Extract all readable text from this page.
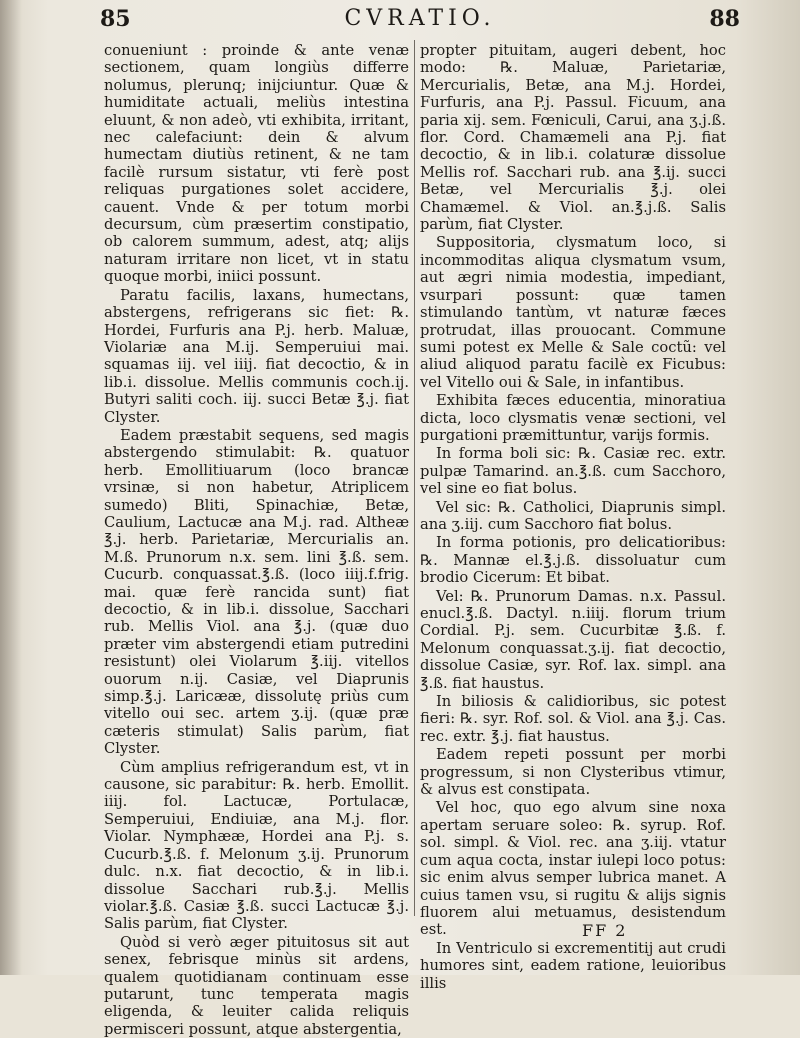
85	CVRATIO.	88

conueniunt : proinde & ante venæ sectionem, quam longiùs differre nolumus, plerunq; inijciuntur. Quæ & humiditate actuali, meliùs intestina eluunt, & non adeò, vti exhibita, irritant, nec calefaciunt: dein & alvum humectam diutiùs retinent, & ne tam facilè rursum sistatur, vti ferè post reliquas purgationes solet accidere, cauent. Vnde & per totum morbi decursum, cùm præsertim constipatio, ob calorem summum, adest, atq; alijs naturam irritare non licet, vt in statu quoque morbi, iniici possunt.

Paratu facilis, laxans, humectans, abstergens, refrigerans sic fiet: ℞. Hordei, Furfuris ana P.j. herb. Maluæ, Violariæ ana M.ij. Semperuiui mai. squamas iij. vel iiij. fiat decoctio, & in lib.i. dissolue. Mellis communis coch.ij. Butyri saliti coch. iij. succi Betæ ℥.j. fiat Clyster.

Eadem præstabit sequens, sed magis abstergendo stimulabit: ℞. quatuor herb. Emollitiuarum (loco brancæ vrsinæ, si non habetur, Atriplicem sumedo) Bliti, Spinachiæ, Betæ, Caulium, Lactucæ ana M.j. rad. Altheæ ℥.j. herb. Parietariæ, Mercurialis an. M.ß. Prunorum n.x. sem. lini ℥.ß. sem. Cucurb. conquassat.℥.ß. (loco iiij.f.frig. mai. quæ ferè rancida sunt) fiat decoctio, & in lib.i. dissolue, Sacchari rub. Mellis Viol. ana ℥.j. (quæ duo præter vim abstergendi etiam putredini resistunt) olei Violarum ℥.iij. vitellos ouorum n.ij. Casiæ, vel Diaprunis simp.℥.j. Laricææ, dissolutę priùs cum vitello oui sec. artem ʒ.ij. (quæ præ cæteris stimulat) Salis parùm, fiat Clyster.

Cùm amplius refrigerandum est, vt in causone, sic parabitur: ℞. herb. Emollit. iiij. fol. Lactucæ, Portulacæ, Semperuiui, Endiuiæ, ana M.j. flor. Violar. Nymphææ, Hordei ana P.j. s. Cucurb.℥.ß. f. Melonum ʒ.ij. Prunorum dulc. n.x. fiat decoctio, & in lib.i. dissolue Sacchari rub.℥.j. Mellis violar.℥.ß. Casiæ ℥.ß. succi Lactucæ ℥.j. Salis parùm, fiat Clyster.

Quòd si verò æger pituitosus sit aut senex, febrisque minùs sit ardens, qualem quotidianam continuam esse putarunt, tunc temperata magis eligenda, & leuiter calida reliquis permisceri possunt, atque abstergentia,

propter pituitam, augeri debent, hoc modo: ℞. Maluæ, Parietariæ, Mercurialis, Betæ, ana M.j. Hordei, Furfuris, ana P.j. Passul. Ficuum, ana paria xij. sem. Fœniculi, Carui, ana ʒ.j.ß. flor. Cord. Chamæmeli ana P.j. fiat decoctio, & in lib.i. colaturæ dissolue Mellis rof. Sacchari rub. ana ℥.ij. succi Betæ, vel Mercurialis ℥.j. olei Chamæmel. & Viol. an.℥.j.ß. Salis parùm, fiat Clyster.

Suppositoria, clysmatum loco, si incommoditas aliqua clysmatum vsum, aut ægri nimia modestia, impediant, vsurpari possunt: quæ tamen stimulando tantùm, vt naturæ fæces protrudat, illas prouocant. Commune sumi potest ex Melle & Sale coctũ: vel aliud aliquod paratu facilè ex Ficubus: vel Vitello oui & Sale, in infantibus.

Exhibita fæces educentia, minoratiua dicta, loco clysmatis venæ sectioni, vel purgationi præmittuntur, varijs formis.

In forma boli sic: ℞. Casiæ rec. extr. pulpæ Tamarind. an.℥.ß. cum Sacchoro, vel sine eo fiat bolus.

Vel sic: ℞. Catholici, Diaprunis simpl. ana ʒ.iij. cum Sacchoro fiat bolus.

In forma potionis, pro delicatioribus: ℞. Mannæ el.℥.j.ß. dissoluatur cum brodio Cicerum: Et bibat.

Vel: ℞. Prunorum Damas. n.x. Passul. enucl.℥.ß. Dactyl. n.iiij. florum trium Cordial. P.j. sem. Cucurbitæ ℥.ß. f. Melonum conquassat.ʒ.ij. fiat decoctio, dissolue Casiæ, syr. Rof. lax. simpl. ana ℥.ß. fiat haustus.

In biliosis & calidioribus, sic potest fieri: ℞. syr. Rof. sol. & Viol. ana ℥.j. Cas. rec. extr. ℥.j. fiat haustus.

Eadem repeti possunt per morbi progressum, si non Clysteribus vtimur, & alvus est constipata.

Vel hoc, quo ego alvum sine noxa apertam seruare soleo: ℞. syrup. Rof. sol. simpl. & Viol. rec. ana ʒ.iij. vtatur cum aqua cocta, instar iulepi loco potus: sic enim alvus semper lubrica manet. A cuius tamen vsu, si rugitu & alijs signis fluorem alui metuamus, desistendum est.

In Ventriculo si excrementitij aut crudi humores sint, eadem ratione, leuioribus illis

FF 2
